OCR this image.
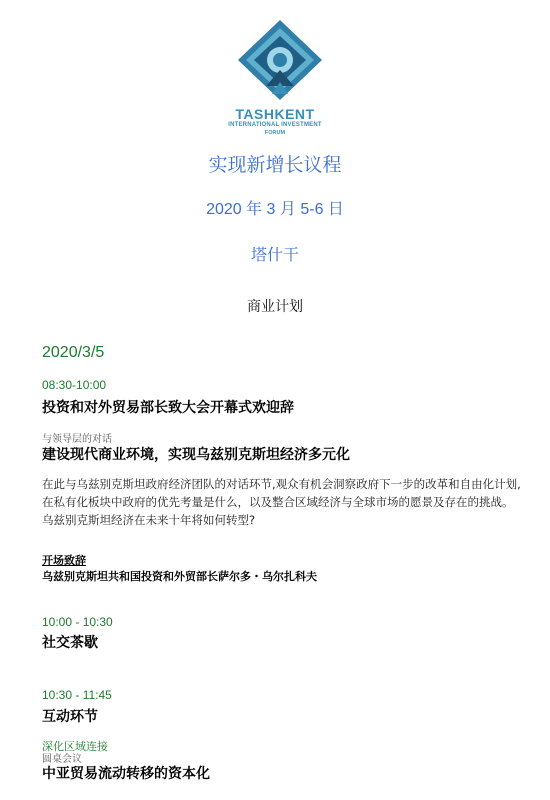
TASHKENT
INTERNATIONAL INVESTMENT
FORUM
实现新增长议程
2020 年 3 月 5-6 日
塔什干
商业计划
2020/3/5
08:30-10:00
投资和对外贸易部长致大会开幕式欢迎辞
与领导层的对话
建设现代商业环境，实现乌兹别克斯坦经济多元化
在此与乌兹别克斯坦政府经济团队的对话环节,观众有机会洞察政府下一步的改革和自由化计划,在私有化板块中政府的优先考量是什么，以及整合区域经济与全球市场的愿景及存在的挑战。乌兹别克斯坦经济在未来十年将如何转型?
开场致辞
乌兹别克斯坦共和国投资和外贸部长萨尔多・乌尔扎科夫
10:00 - 10:30
社交茶歇
10:30 - 11:45
互动环节
深化区域连接
圆桌会议
中亚贸易流动转移的资本化
